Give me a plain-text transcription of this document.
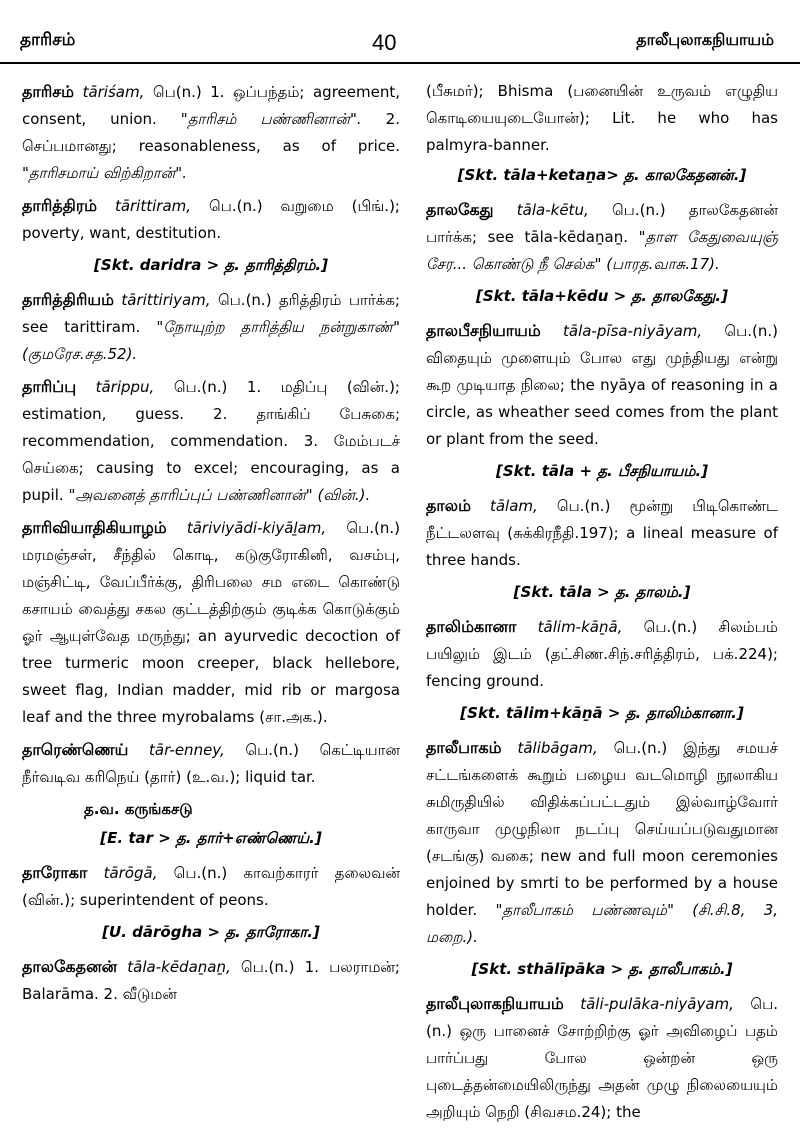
தாரிசம்	40	தாலீபுலாகநியாயம்
தாரிசம் tāriśam, பெ(n.) 1. ஒப்பந்தம்; agreement, consent, union. "தாரிசம் பண்ணினான்". 2. செப்பமானது; reasonableness, as of price. "தாரிசமாய் விற்கிறான்".
தாரித்திரம் tārittiram, பெ.(n.) வறுமை (பிங்.); poverty, want, destitution.
[Skt. daridra > த. தாரித்திரம்.]
தாரித்திரியம் tārittiriyam, பெ.(n.) தரித்திரம் பார்க்க; see tarittiram. "நோயுற்ற தாரித்திய நன்றுகாண்" (குமரேச.சத.52).
தாரிப்பு tārippu, பெ.(n.) 1. மதிப்பு (வின்.); estimation, guess. 2. தாங்கிப் பேசுகை; recommendation, commendation. 3. மேம்படச் செய்கை; causing to excel; encouraging, as a pupil. "அவனைத் தாரிப்புப் பண்ணினான்" (வின்.).
தாரிவியாதிகியாழம் tāriviyādi-kiyāḻam, பெ.(n.) மரமஞ்சள், சீந்தில் கொடி, கடுகுரோகினி, வசம்பு, மஞ்சிட்டி, வேப்பீர்க்கு, திரிபலை சம எடை கொண்டு கசாயம் வைத்து சகல குட்டத்திற்கும் குடிக்க கொடுக்கும் ஓர் ஆயுள்வேத மருந்து; an ayurvedic decoction of tree turmeric moon creeper, black hellebore, sweet flag, Indian madder, mid rib or margosa leaf and the three myrobalams (சா.அக.).
தாரெண்ணெய் tār-enney, பெ.(n.) கெட்டியான நீர்வடிவ கரிநெய் (தார்) (உ.வ.); liquid tar.
த.வ. கருங்கசடு
[E. tar > த. தார்+எண்ணெய்.]
தாரோகா tārōgā, பெ.(n.) காவற்காரர் தலைவன் (வின்.); superintendent of peons.
[U. dārōgha > த. தாரோகா.]
தாலகேதனன் tāla-kēdaṉaṉ, பெ.(n.) 1. பலராமன்; Balarāma. 2. வீடுமன்
(பீசுமர்); Bhisma (பனையின் உருவம் எழுதிய கொடியையுடையோன்); Lit. he who has palmyra-banner.
[Skt. tāla+ketaṉa> த. காலகேதனன்.]
தாலகேது tāla-kētu, பெ.(n.) தாலகேதனன் பார்க்க; see tāla-kēdaṉaṉ. "தாள கேதுவையுஞ் சேர... கொண்டு நீ செல்க" (பாரத.வாசு.17).
[Skt. tāla+kēdu > த. தாலகேது.]
தாலபீசநியாயம் tāla-pīsa-niyāyam, பெ.(n.) விதையும் முளையும் போல எது முந்தியது என்று கூற முடியாத நிலை; the nyāya of reasoning in a circle, as wheather seed comes from the plant or plant from the seed.
[Skt. tāla + த. பீசநியாயம்.]
தாலம் tālam, பெ.(n.) மூன்று பிடிகொண்ட நீட்டலளவு (சுக்கிரநீதி.197); a lineal measure of three hands.
[Skt. tāla > த. தாலம்.]
தாலிம்கானா tālim-kāṉā, பெ.(n.) சிலம்பம் பயிலும் இடம் (தட்சிண.சிந்.சரித்திரம், பக்.224); fencing ground.
[Skt. tālim+kāṉā > த. தாலிம்கானா.]
தாலீபாகம் tālibāgam, பெ.(n.) இந்து சமயச் சட்டங்களைக் கூறும் பழைய வடமொழி நூலாகிய சுமிருதியில் விதிக்கப்பட்டதும் இல்வாழ்வோர் காருவா முழுநிலா நடப்பு செய்யப்படுவதுமான (சடங்கு) வகை; new and full moon ceremonies enjoined by smrti to be performed by a house holder. "தாலீபாகம் பண்ணவும்" (சி.சி.8, 3, மறை.).
[Skt. sthālīpāka > த. தாலீபாகம்.]
தாலீபுலாகநியாயம் tāli-pulāka-niyāyam, பெ.(n.) ஒரு பானைச் சோற்றிற்கு ஓர் அவிழைப் பதம் பார்ப்பது போல ஒன்றன் ஒரு புடைத்தன்மையிலிருந்து அதன் முழு நிலையையும் அறியும் நெறி (சிவசம.24); the
